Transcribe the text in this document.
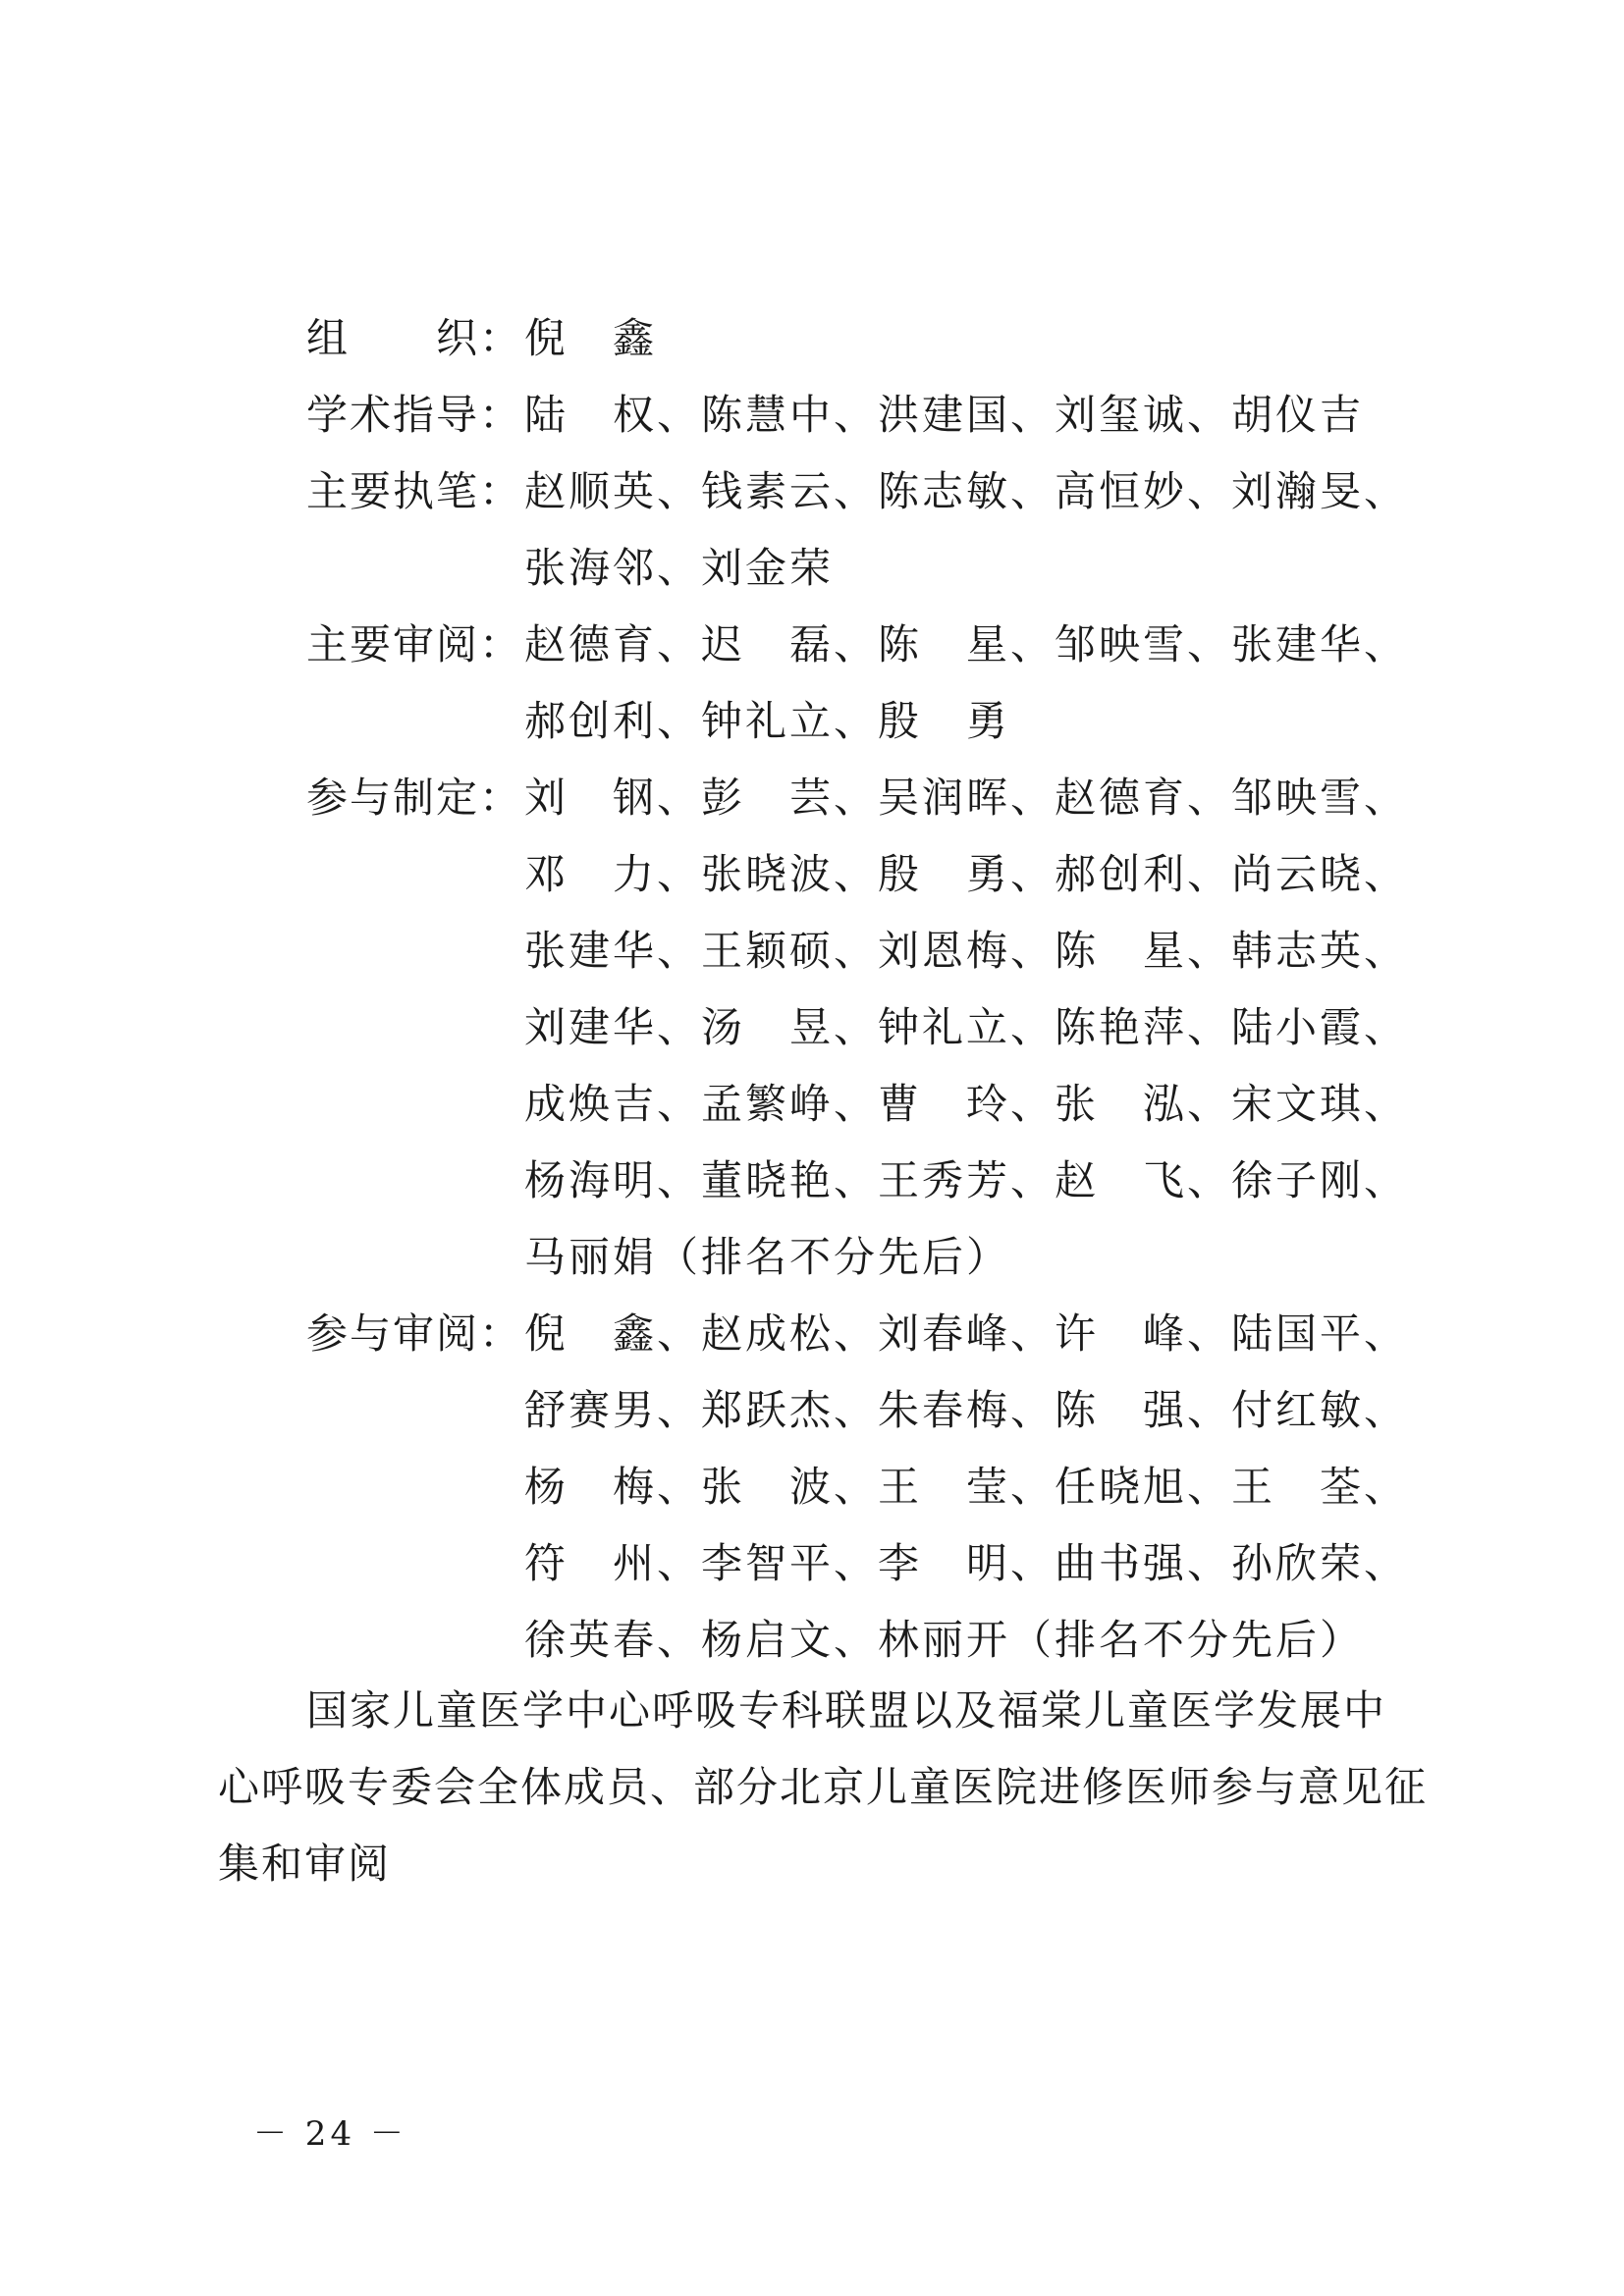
组　　织： 倪　鑫
学术指导： 陆　权、陈慧中、洪建国、刘玺诚、胡仪吉
主要执笔： 赵顺英、钱素云、陈志敏、高恒妙、刘瀚旻、
张海邻、刘金荣
主要审阅： 赵德育、迟　磊、陈　星、邹映雪、张建华、
郝创利、钟礼立、殷　勇
参与制定： 刘　钢、彭　芸、吴润晖、赵德育、邹映雪、
邓　力、张晓波、殷　勇、郝创利、尚云晓、
张建华、王颖硕、刘恩梅、陈　星、韩志英、
刘建华、汤　昱、钟礼立、陈艳萍、陆小霞、
成焕吉、孟繁峥、曹　玲、张　泓、宋文琪、
杨海明、董晓艳、王秀芳、赵　飞、徐子刚、
马丽娟（排名不分先后）
参与审阅： 倪　鑫、赵成松、刘春峰、许　峰、陆国平、
舒赛男、郑跃杰、朱春梅、陈　强、付红敏、
杨　梅、张　波、王　莹、任晓旭、王　荃、
符　州、李智平、李　明、曲书强、孙欣荣、
徐英春、杨启文、林丽开（排名不分先后）
国家儿童医学中心呼吸专科联盟以及福棠儿童医学发展中
心呼吸专委会全体成员、部分北京儿童医院进修医师参与意见征
集和审阅
－ 24 －
